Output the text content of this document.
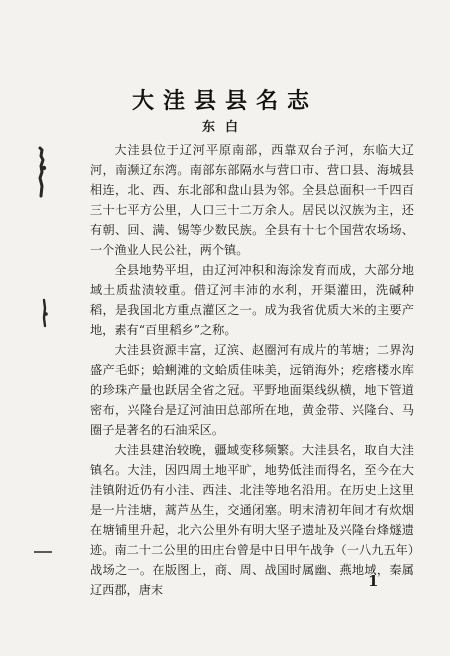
大洼县县名志
东白

大洼县位于辽河平原南部，西靠双台子河，东临大辽河，南濒辽东湾。南部东部隔水与营口市、营口县、海城县相连，北、西、东北部和盘山县为邻。全县总面积一千四百三十七平方公里，人口三十二万余人。居民以汉族为主，还有朝、回、满、锡等少数民族。全县有十七个国营农场场、一个渔业人民公社，两个镇。

全县地势平坦，由辽河冲积和海涂发育而成，大部分地域土质盐渍较重。借辽河丰沛的水利，开渠灌田，洗碱种稻，是我国北方重点灌区之一。成为我省优质大米的主要产地，素有“百里稻乡”之称。

大洼县资源丰富，辽滨、赵圈河有成片的苇塘；二界沟盛产毛虾；蛤蜊滩的文蛤质佳味美，远销海外；疙瘩楼水库的珍珠产量也跃居全省之冠。平野地面渠线纵横，地下管道密布，兴隆台是辽河油田总部所在地，黄金带、兴隆台、马圈子是著名的石油采区。

大洼县建治较晚，疆域变移频繁。大洼县名，取自大洼镇名。大洼，因四周土地平旷，地势低洼而得名，至今在大洼镇附近仍有小洼、西洼、北洼等地名沿用。在历史上这里是一片洼塘，蒿芦丛生，交通闭塞。明末清初年间才有炊烟在塘铺里升起，北六公里外有明大坚子遗址及兴隆台烽燧遗迹。南二十二公里的田庄台曾是中日甲午战争（一八九五年）战场之一。在版图上，商、周、战国时属幽、燕地域，秦属辽西郡，唐末	1
